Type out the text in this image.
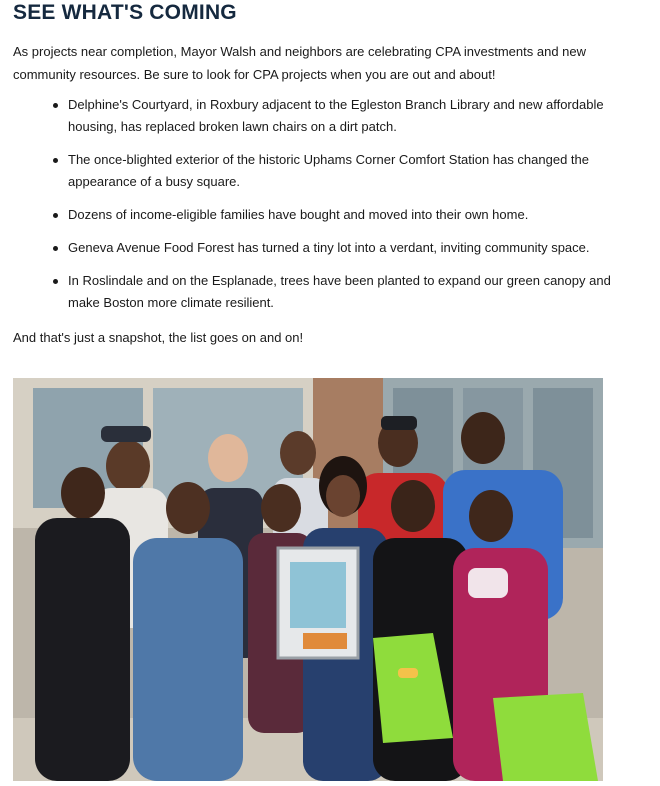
SEE WHAT'S COMING

As projects near completion, Mayor Walsh and neighbors are celebrating CPA investments and new community resources. Be sure to look for CPA projects when you are out and about!

Delphine's Courtyard, in Roxbury adjacent to the Egleston Branch Library and new affordable housing, has replaced broken lawn chairs on a dirt patch.
The once-blighted exterior of the historic Uphams Corner Comfort Station has changed the appearance of a busy square.
Dozens of income-eligible families have bought and moved into their own home.
Geneva Avenue Food Forest has turned a tiny lot into a verdant, inviting community space.
In Roslindale and on the Esplanade, trees have been planted to expand our green canopy and make Boston more climate resilient.

And that's just a snapshot, the list goes on and on!
